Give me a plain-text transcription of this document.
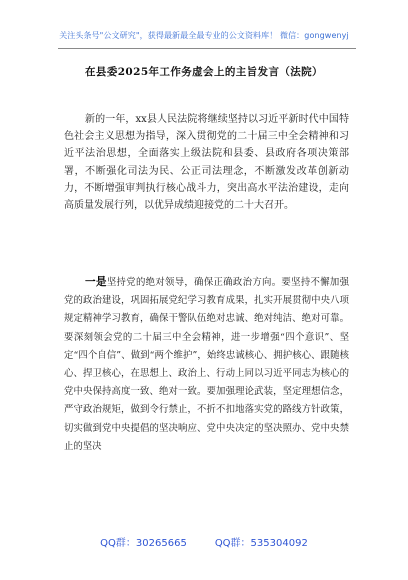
关注头条号"公文研究"，获得最新最全最专业的公文资料库！ 微信：gongwenyj
在县委2025年工作务虚会上的主旨发言（法院）
新的一年，xx县人民法院将继续坚持以习近平新时代中国特色社会主义思想为指导，深入贯彻党的二十届三中全会精神和习近平法治思想，全面落实上级法院和县委、县政府各项决策部署，不断强化司法为民、公正司法理念，不断激发改革创新动力，不断增强审判执行核心战斗力，突出高水平法治建设，走向高质量发展行列，以优异成绩迎接党的二十大召开。
一是坚持党的绝对领导，确保正确政治方向。要坚持不懈加强党的政治建设，巩固拓展党纪学习教育成果，扎实开展贯彻中央八项规定精神学习教育，确保干警队伍绝对忠诚、绝对纯洁、绝对可靠。要深刻领会党的二十届三中全会精神，进一步增强“四个意识”、坚定“四个自信”、做到“两个维护”，始终忠诚核心、拥护核心、跟随核心、捍卫核心，在思想上、政治上、行动上同以习近平同志为核心的党中央保持高度一致、绝对一致。要加强理论武装，坚定理想信念，严守政治规矩，做到令行禁止，不折不扣地落实党的路线方针政策，切实做到党中央提倡的坚决响应、党中央决定的坚决照办、党中央禁止的坚决
QQ群：30265665	QQ群：535304092
